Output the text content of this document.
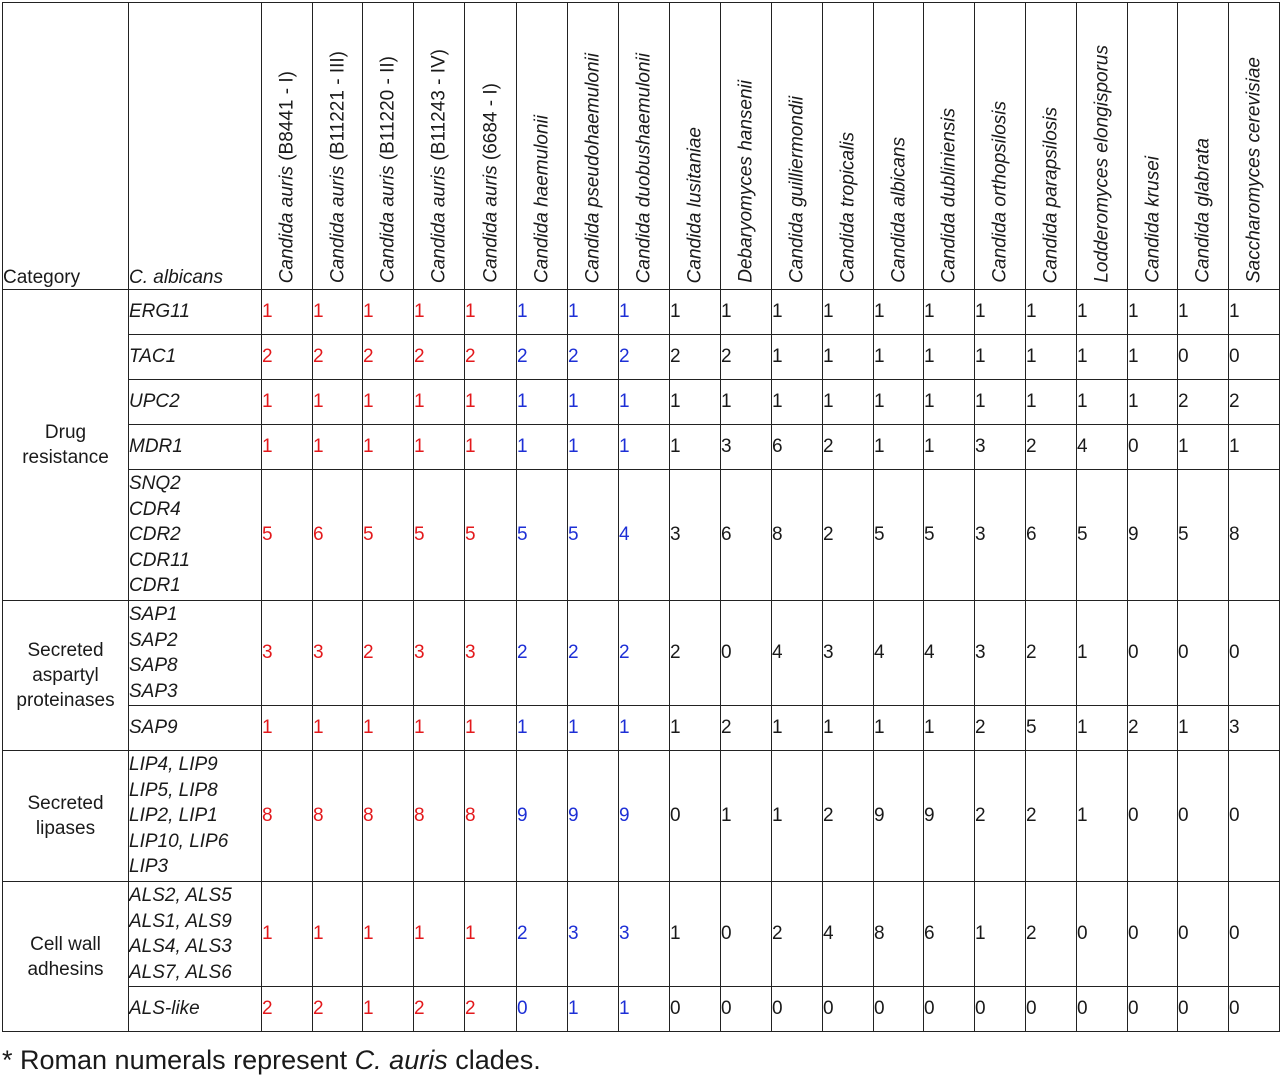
Category	C. albicans	Candida auris (B8441 - I)	Candida auris (B11221 - III)	Candida auris (B11220 - II)	Candida auris (B11243 - IV)	Candida auris (6684 - I)	Candida haemulonii	Candida pseudohaemulonii	Candida duobushaemulonii	Candida lusitaniae	Debaryomyces hansenii	Candida guilliermondii	Candida tropicalis	Candida albicans	Candida dubliniensis	Candida orthopsilosis	Candida parapsilosis	Lodderomyces elongisporus	Candida krusei	Candida glabrata	Saccharomyces cerevisiae

Drug
resistance	ERG11	1	1	1	1	1	1	1	1	1	1	1	1	1	1	1	1	1	1	1	1
	TAC1	2	2	2	2	2	2	2	2	2	2	1	1	1	1	1	1	1	1	0	0
	UPC2	1	1	1	1	1	1	1	1	1	1	1	1	1	1	1	1	1	1	2	2
	MDR1	1	1	1	1	1	1	1	1	1	3	6	2	1	1	3	2	4	0	1	1
	SNQ2
CDR4
CDR2
CDR11
CDR1	5	6	5	5	5	5	5	4	3	6	8	2	5	5	3	6	5	9	5	8
Secreted
aspartyl
proteinases	SAP1
SAP2
SAP8
SAP3	3	3	2	3	3	2	2	2	2	0	4	3	4	4	3	2	1	0	0	0
	SAP9	1	1	1	1	1	1	1	1	1	2	1	1	1	1	2	5	1	2	1	3
Secreted
lipases	LIP4, LIP9
LIP5, LIP8
LIP2, LIP1
LIP10, LIP6
LIP3	8	8	8	8	8	9	9	9	0	1	1	2	9	9	2	2	1	0	0	0
Cell wall
adhesins	ALS2, ALS5
ALS1, ALS9
ALS4, ALS3
ALS7, ALS6	1	1	1	1	1	2	3	3	1	0	2	4	8	6	1	2	0	0	0	0
	ALS-like	2	2	1	2	2	0	1	1	0	0	0	0	0	0	0	0	0	0	0	0
* Roman numerals represent C. auris clades.
